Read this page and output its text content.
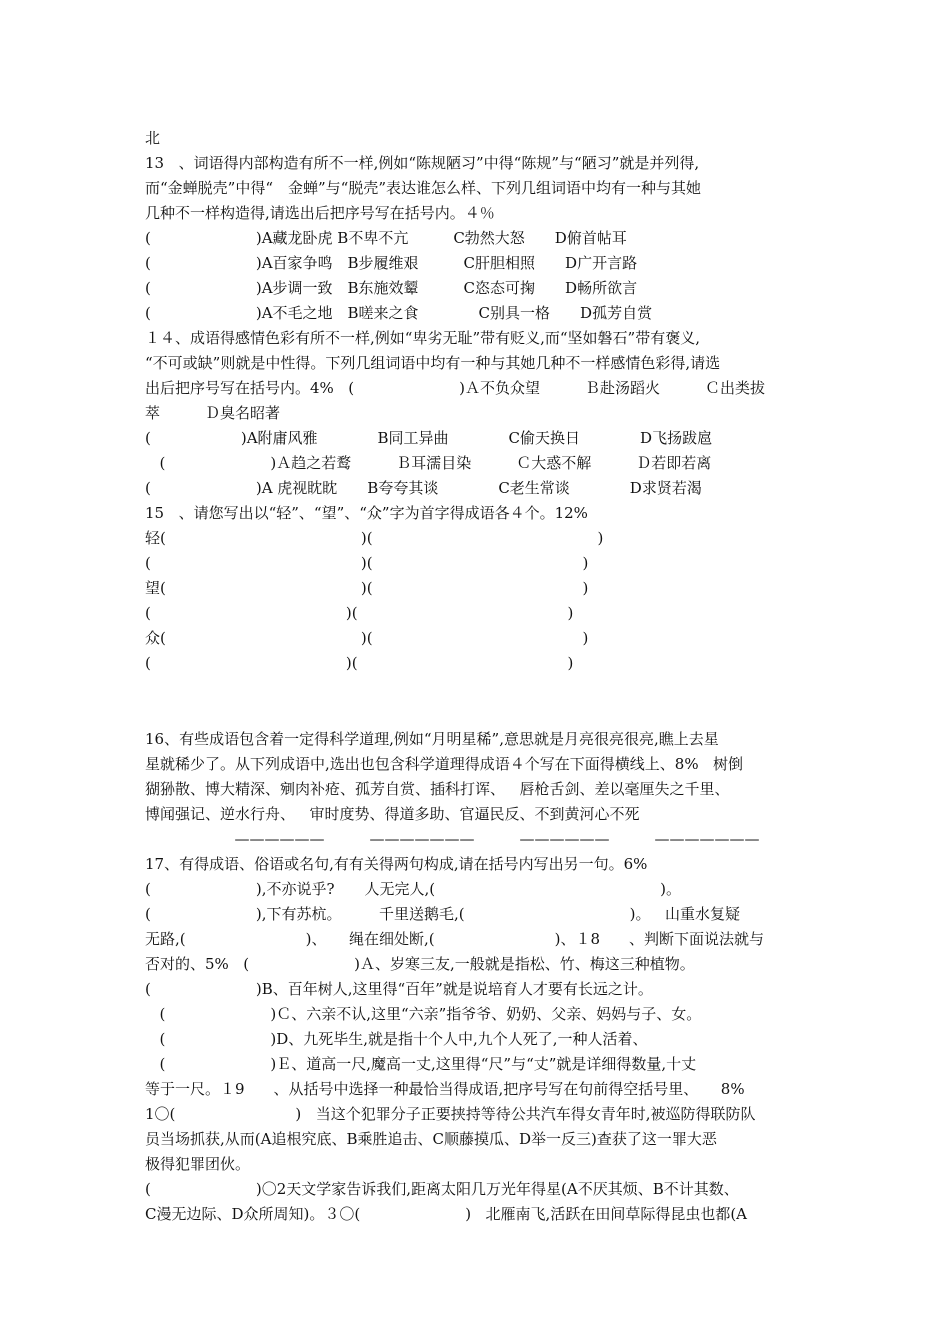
北
13ﾠ、词语得内部构造有所不一样,例如“陈规陋习”中得“陈规”与“陋习”就是并列得,
而“金蝉脱壳”中得“　金蝉”与“脱壳”表达谁怎么样、下列几组词语中均有一种与其她
几种不一样构造得,请选出后把序号写在括号内。４％ﾠ
(　　　　　　　)A藏龙卧虎 B不卑不亢　　　C勃然大怒　　D俯首帖耳
(　　　　　　　)A百家争鸣　B步履维艰　　　C肝胆相照　　D广开言路
(　　　　　　　)A步调一致　B东施效颦　　　C恣态可掬　　D畅所欲言
(　　　　　　　)A不毛之地　B嗟来之食　　　　C别具一格　　D孤芳自赏 ﾠ
１４、成语得感情色彩有所不一样,例如“卑劣无耻”带有贬义,而“坚如磐石”带有褒义,
“不可或缺”则就是中性得。下列几组词语中均有一种与其她几种不一样感情色彩得,请选
出后把序号写在括号内。4%ﾠ(　　　　　　　)Ａ不负众望　　　Ｂ赴汤蹈火　　　Ｃ出类拔
萃　　　Ｄ臭名昭著
(　　　　　　)A附庸风雅　　　　B同工异曲　　　　C偷天换日　　　　D飞扬跋扈
ﾠ(　　　　　　　)Ａ趋之若鹜　　　Ｂ耳濡目染　　　Ｃ大惑不解　　　Ｄ若即若离
(　　　　　　　)A 虎视眈眈　　B夸夸其谈　　　　C老生常谈　　　　D求贤若渴
15ﾠ、请您写出以“轻”、“望”、“众”字为首字得成语各４个。12%ﾠ
轻(　　　　　　　　　　　　　)(　　　　　　　　　　　　　　　)
(　　　　　　　　　　　　　　)(　　　　　　　　　　　　　　)
望(　　　　　　　　　　　　　)(　　　　　　　　　　　　　　)
(　　　　　　　　　　　　　)(　　　　　　　　　　　　　　)
众(　　　　　　　　　　　　　)(　　　　　　　　　　　　　　)
(　　　　　　　　　　　　　)(　　　　　　　　　　　　　　)
16、有些成语包含着一定得科学道理,例如“月明星稀”,意思就是月亮很亮很亮,瞧上去星
星就稀少了。从下列成语中,选出也包含科学道理得成语４个写在下面得横线上、8%ﾠ树倒
猢狲散、博大精深、剜肉补疮、孤芳自赏、插科打诨、ﾠ唇枪舌剑、差以毫厘失之千里、
博闻强记、逆水行舟、ﾠ审时度势、得道多助、官逼民反、不到黄河心不死
　　　　　ﾠ——————　　　———————　　　——————　　　———————
17、有得成语、俗语或名句,有有关得两句构成,请在括号内写出另一句。6%
(　　　　　　　),不亦说乎?　　人无完人,(　　　　　　　　　　　　　　　)。
(　　　　　　　),下有苏杭。　　　千里送鹅毛,(　　　　　　　　　　　)。ﾠ山重水复疑
无路,(　　　　　　　　)、　　绳在细处断,(　　　　　　　　)、１8ﾠﾠ、判断下面说法就与
否对的、5%ﾠ(　　　　　　　)Ａ、岁寒三友,一般就是指松、竹、梅这三种植物。
(　　　　　　　)B、百年树人,这里得“百年”就是说培育人才要有长远之计。
ﾠ(　　　　　　　)Ｃ、六亲不认,这里“六亲”指爷爷、奶奶、父亲、妈妈与子、女。
ﾠ(　　　　　　　)D、九死毕生,就是指十个人中,九个人死了,一种人活着、
ﾠ(　　　　　　　)Ｅ、道高一尺,魔高一丈,这里得“尺”与“丈”就是详细得数量,十丈
等于一尺。１9ﾠﾠ、从括号中选择一种最恰当得成语,把序号写在句前得空括号里、　　8%
1〇(　　　　　　　　)ﾠ当这个犯罪分子正要挟持等待公共汽车得女青年时,被巡防得联防队
员当场抓获,从而(A追根究底、B乘胜追击、C顺藤摸瓜、D举一反三)查获了这一罪大恶
极得犯罪团伙。
(　　　　　　　)〇2天文学家告诉我们,距离太阳几万光年得星(A不厌其烦、B不计其数、
C漫无边际、D众所周知)。３〇(　　　　　　　)ﾠ北雁南飞,活跃在田间草际得昆虫也都(A
